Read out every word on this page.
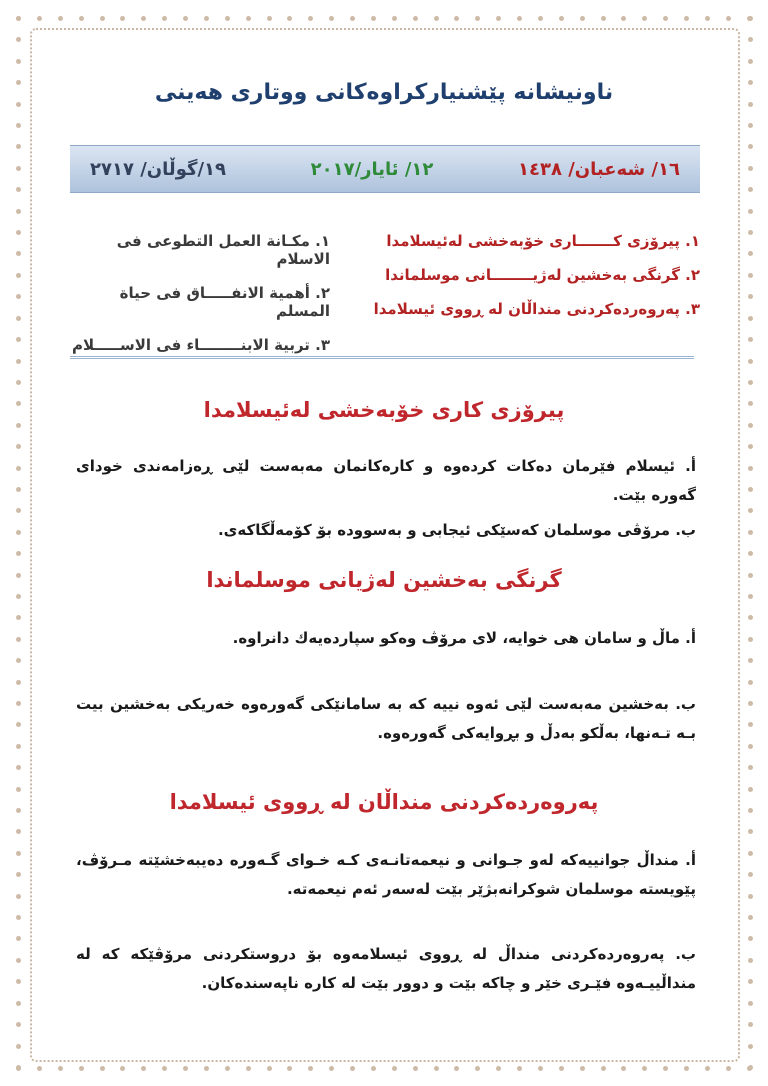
ناونیشانە پێشنیارکراوەکانی ووتاری هەینی
١٦/ شەعبان/ ١٤٣٨
١٢/ ئایار/٢٠١٧
١٩/گوڵان/ ٢٧١٧
١. پیرۆزی کـــــــاری خۆبەخشی لەئیسلامدا
٢. گرنگی بەخشین لەژیــــــــانی موسلماندا
٣. پەروەردەکردنی منداڵان لە ڕووی ئیسلامدا
١. مكـانة العمل التطوعى فى الاسلام
٢. أهمية الانفـــــاق فى حياة المسلم
٣. تربية الابنــــــــاء فى الاســـــلام
پیرۆزی کاری خۆبەخشی لەئیسلامدا
أ. ئیسلام فێرمان دەکات کردەوە و کارەکانمان مەبەست لێی ڕەزامەندی خودای گەورە بێت.
ب. مرۆڤی موسلمان کەسێکی ئیجابی و بەسوودە بۆ کۆمەڵگاکەی.
گرنگی بەخشین لەژیانی موسلماندا
أ. ماڵ و سامان هی خوایە، لای مرۆڤ وەکو سپاردەیەك دانراوە.
ب. بەخشین مەبەست لێی ئەوە نییە کە بە سامانێکی گەورەوە خەریکی بەخشین بیت بـە تـەنها، بەڵکو بەدڵ و بڕوایەکی گەورەوە.
پەروەردەکردنی منداڵان لە ڕووی ئیسلامدا
أ. منداڵ جوانییەکە لەو جـوانی و نیعمەتانـەی کـە خـوای گـەورە دەیبەخشێتە مـرۆڤ، پێویستە موسلمان شوکرانەبژێر بێت لەسەر ئەم نیعمەتە.
ب. پەروەردەکردنی منداڵ لە ڕووی ئیسلامەوە بۆ دروستکردنی مرۆڤێکە کە لە منداڵییـەوە فێـری خێر و چاکە بێت و دوور بێت لە کارە ناپەسندەکان.
